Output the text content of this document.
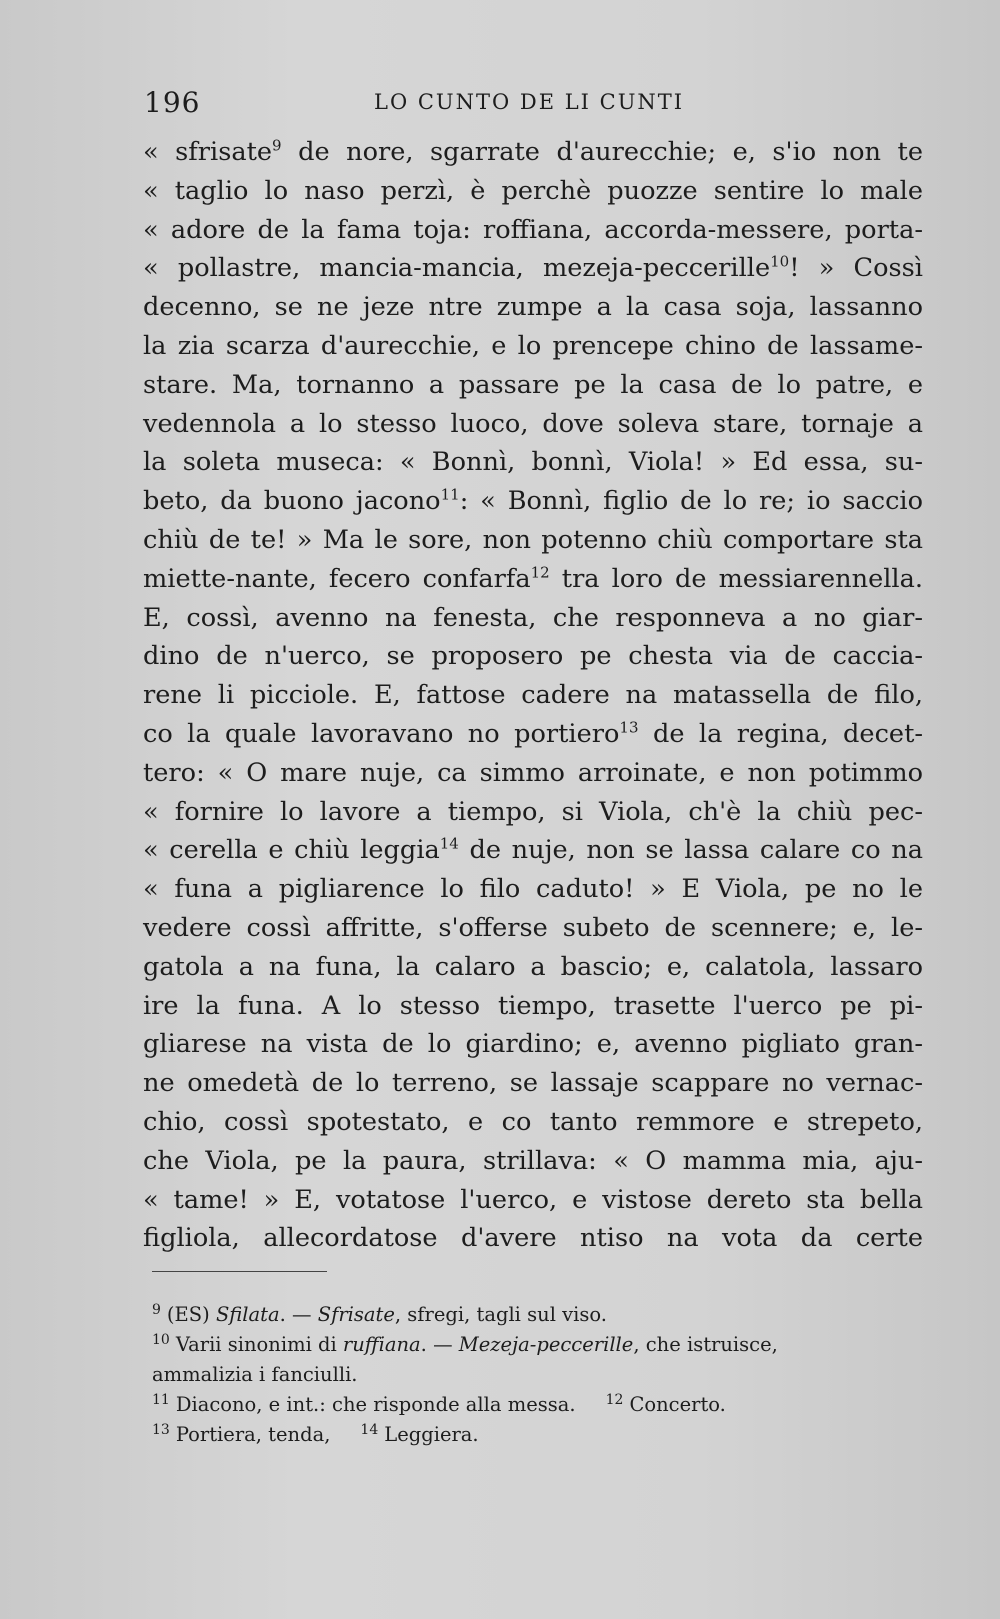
196	LO CUNTO DE LI CUNTI
« sfrisate$^9$ de nore, sgarrate d'aurecchie; e, s'io non te
« taglio lo naso perzì, è perchè puozze sentire lo male
« adore de la fama toja: roffiana, accorda-messere, porta-
« pollastre, mancia-mancia, mezeja-peccerille$^{10}$! » Cossì
decenno, se ne jeze ntre zumpe a la casa soja, lassanno
la zia scarza d'aurecchie, e lo prencepe chino de lassame-
stare. Ma, tornanno a passare pe la casa de lo patre, e
vedennola a lo stesso luoco, dove soleva stare, tornaje a
la soleta museca: « Bonnì, bonnì, Viola! » Ed essa, su-
beto, da buono jacono$^{11}$: « Bonnì, figlio de lo re; io saccio
chiù de te! » Ma le sore, non potenno chiù comportare sta
miette-nante, fecero confarfa$^{12}$ tra loro de messiarennella.
E, cossì, avenno na fenesta, che responneva a no giar-
dino de n'uerco, se proposero pe chesta via de caccia-
rene li picciole. E, fattose cadere na matassella de filo,
co la quale lavoravano no portiero$^{13}$ de la regina, decet-
tero: « O mare nuje, ca simmo arroinate, e non potimmo
« fornire lo lavore a tiempo, si Viola, ch'è la chiù pec-
« cerella e chiù leggia$^{14}$ de nuje, non se lassa calare co na
« funa a pigliarence lo filo caduto! » E Viola, pe no le
vedere cossì affritte, s'offerse subeto de scennere; e, le-
gatola a na funa, la calaro a bascio; e, calatola, lassaro
ire la funa. A lo stesso tiempo, trasette l'uerco pe pi-
gliarese na vista de lo giardino; e, avenno pigliato gran-
ne omedetà de lo terreno, se lassaje scappare no vernac-
chio, cossì spotestato, e co tanto remmore e strepeto,
che Viola, pe la paura, strillava: « O mamma mia, aju-
« tame! » E, votatose l'uerco, e vistose dereto sta bella
figliola, allecordatose d'avere ntiso na vota da certe
$^9$ (ES) Sfilata. — Sfrisate, sfregi, tagli sul viso.
$^{10}$ Varii sinonimi di ruffiana. — Mezeja-peccerille, che istruisce,
ammalizia i fanciulli.
$^{11}$ Diacono, e int.: che risponde alla messa. $^{12}$ Concerto.
$^{13}$ Portiera, tenda, $^{14}$ Leggiera.
